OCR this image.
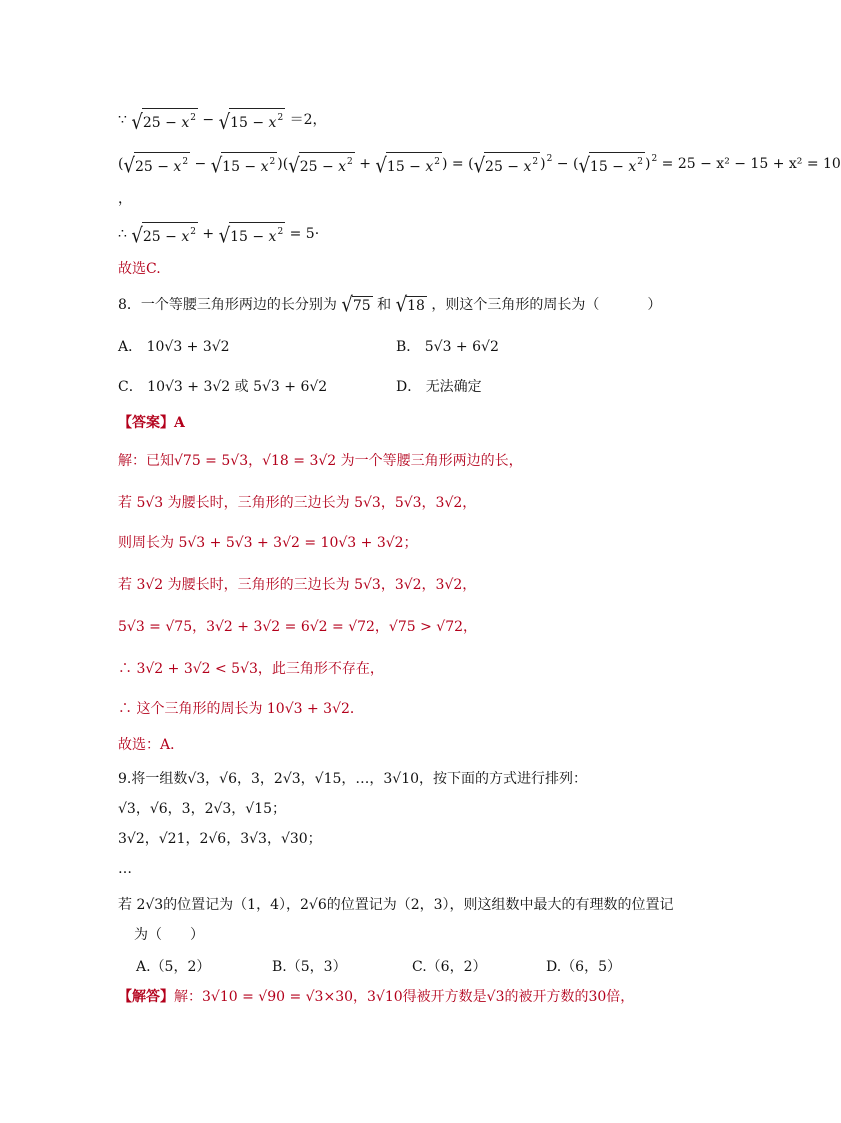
∵ √ $25 - x^2$ − √ $15 - x^2 =2$，
( √ $25 - x^2$ − √ $15 - x^2$ )( √ $25 - x^2$ + √ $15 - x^2$ ) = ( √ $25 - x^2$ )$^2$ − ( √ $15 - x^2$ )$^2$ = 25 − x² − 15 + x² = 10
，
∴ √ $25 - x^2$ + √ $15 - x^2 = 5\cdot$
故选C.
8．一个等腰三角形两边的长分别为 √ 75 和 √ 18 ，则这个三角形的周长为（	）
A． 10√3 + 3√2	B． 5√3 + 6√2
C． 10√3 + 3√2 或 5√3 + 6√2	D． 无法确定
【答案】A
解：已知√75 = 5√3，√18 = 3√2 为一个等腰三角形两边的长，
若 5√3 为腰长时，三角形的三边长为 5√3，5√3，3√2，
则周长为 5√3 + 5√3 + 3√2 = 10√3 + 3√2；
若 3√2 为腰长时，三角形的三边长为 5√3，3√2，3√2，
5√3 = √75，3√2 + 3√2 = 6√2 = √72，√75 > √72，
∴ 3√2 + 3√2 < 5√3，此三角形不存在，
∴ 这个三角形的周长为 10√3 + 3√2．
故选：A．
9.将一组数√3，√6，3，2√3，√15，…，3√10，按下面的方式进行排列：
√3，√6，3，2√3，√15；
3√2，√21，2√6，3√3，√30；
…
若 2√3的位置记为（1，4），2√6的位置记为（2，3），则这组数中最大的有理数的位置记
为（　　）
A.（5，2）	B.（5，3）	C.（6，2）	D.（6，5）
【解答】解：3√10 = √90 = √3×30，3√10得被开方数是√3的被开方数的30倍，
